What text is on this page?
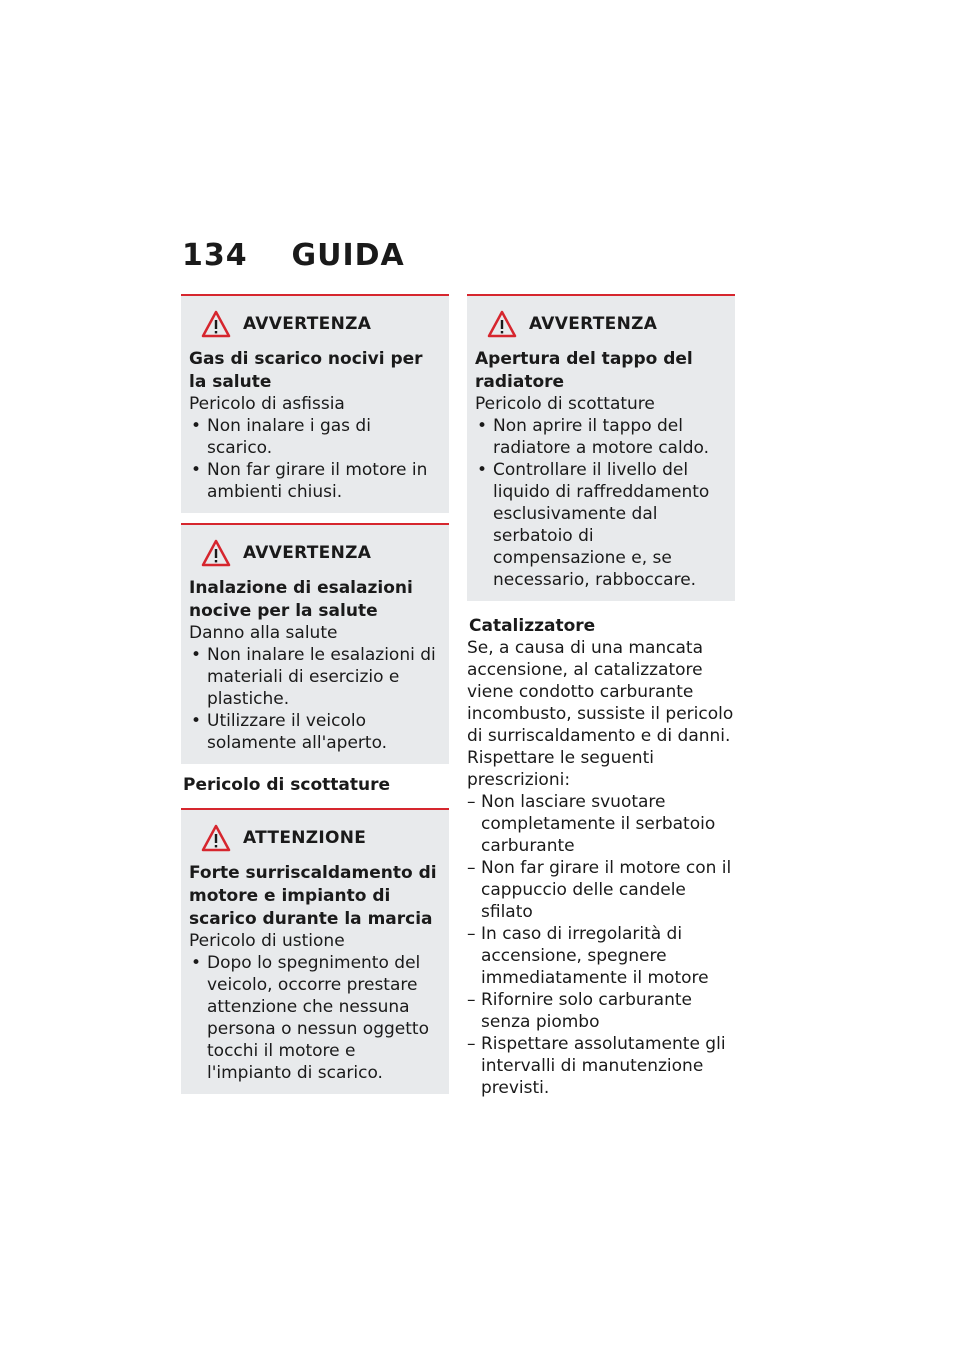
134 GUIDA
AVVERTENZA
Gas di scarico nocivi per la salute
Pericolo di asfissia
• Non inalare i gas di scarico.
• Non far girare il motore in ambienti chiusi.
AVVERTENZA
Inalazione di esalazioni nocive per la salute
Danno alla salute
• Non inalare le esalazioni di materiali di esercizio e plastiche.
• Utilizzare il veicolo solamente all'aperto.
Pericolo di scottature
ATTENZIONE
Forte surriscaldamento di motore e impianto di scarico durante la marcia
Pericolo di ustione
• Dopo lo spegnimento del veicolo, occorre prestare attenzione che nessuna persona o nessun oggetto tocchi il motore e l'impianto di scarico.
AVVERTENZA
Apertura del tappo del radiatore
Pericolo di scottature
• Non aprire il tappo del radiatore a motore caldo.
• Controllare il livello del liquido di raffreddamento esclusivamente dal serbatoio di compensazione e, se necessario, rabboccare.
Catalizzatore
Se, a causa di una mancata accensione, al catalizzatore viene condotto carburante incombusto, sussiste il pericolo di surriscaldamento e di danni. Rispettare le seguenti prescrizioni:
– Non lasciare svuotare completamente il serbatoio carburante
– Non far girare il motore con il cappuccio delle candele sfilato
– In caso di irregolarità di accensione, spegnere immediatamente il motore
– Rifornire solo carburante senza piombo
– Rispettare assolutamente gli intervalli di manutenzione previsti.
